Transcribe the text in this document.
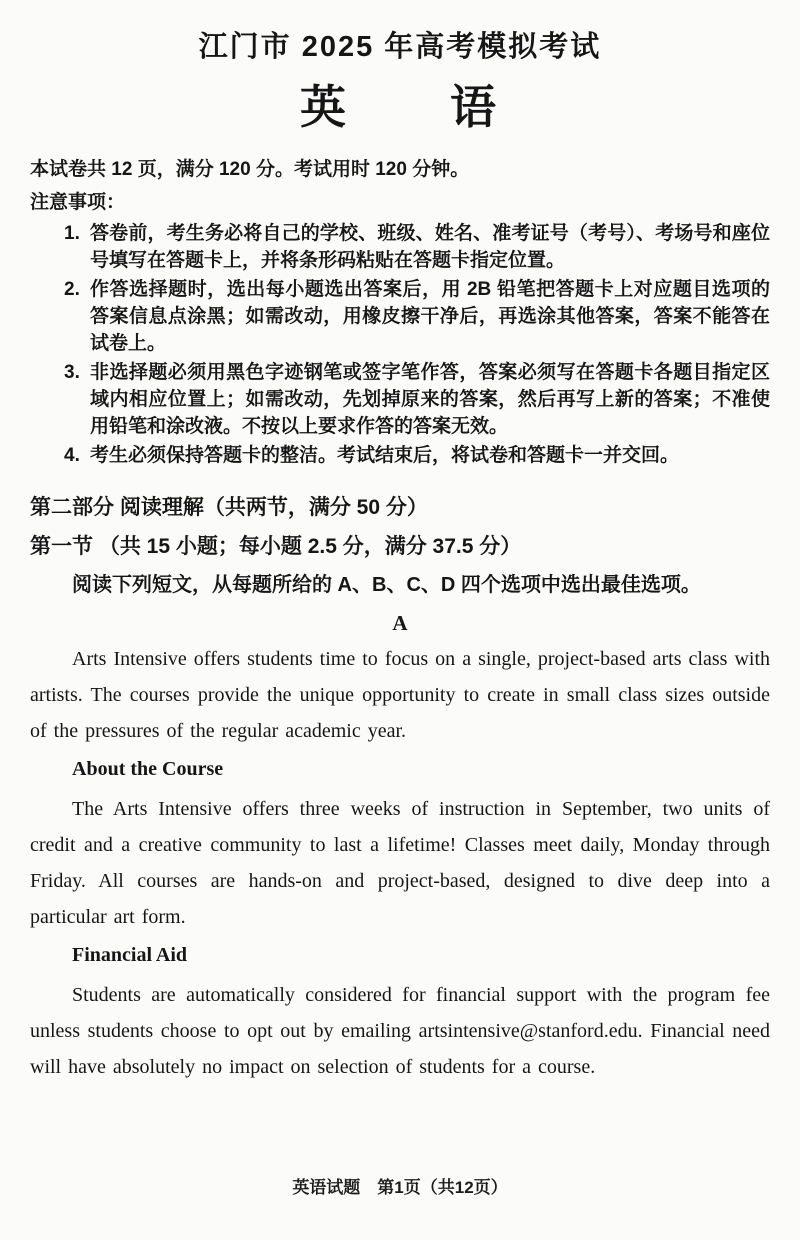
江门市 2025 年高考模拟考试
英　　语

本试卷共 12 页，满分 120 分。考试用时 120 分钟。

注意事项：

1. 答卷前，考生务必将自己的学校、班级、姓名、准考证号（考号）、考场号和座位号填写在答题卡上，并将条形码粘贴在答题卡指定位置。
2. 作答选择题时，选出每小题选出答案后，用 2B 铅笔把答题卡上对应题目选项的答案信息点涂黑；如需改动，用橡皮擦干净后，再选涂其他答案，答案不能答在试卷上。
3. 非选择题必须用黑色字迹钢笔或签字笔作答，答案必须写在答题卡各题目指定区域内相应位置上；如需改动，先划掉原来的答案，然后再写上新的答案；不准使用铅笔和涂改液。不按以上要求作答的答案无效。
4. 考生必须保持答题卡的整洁。考试结束后，将试卷和答题卡一并交回。

第二部分 阅读理解（共两节，满分 50 分）

第一节 （共 15 小题；每小题 2.5 分，满分 37.5 分）

阅读下列短文，从每题所给的 A、B、C、D 四个选项中选出最佳选项。

A

Arts Intensive offers students time to focus on a single, project-based arts class with artists. The courses provide the unique opportunity to create in small class sizes outside of the pressures of the regular academic year.

About the Course

The Arts Intensive offers three weeks of instruction in September, two units of credit and a creative community to last a lifetime! Classes meet daily, Monday through Friday. All courses are hands-on and project-based, designed to dive deep into a particular art form.

Financial Aid

Students are automatically considered for financial support with the program fee unless students choose to opt out by emailing artsintensive@stanford.edu. Financial need will have absolutely no impact on selection of students for a course.

英语试题　第1页（共12页）
